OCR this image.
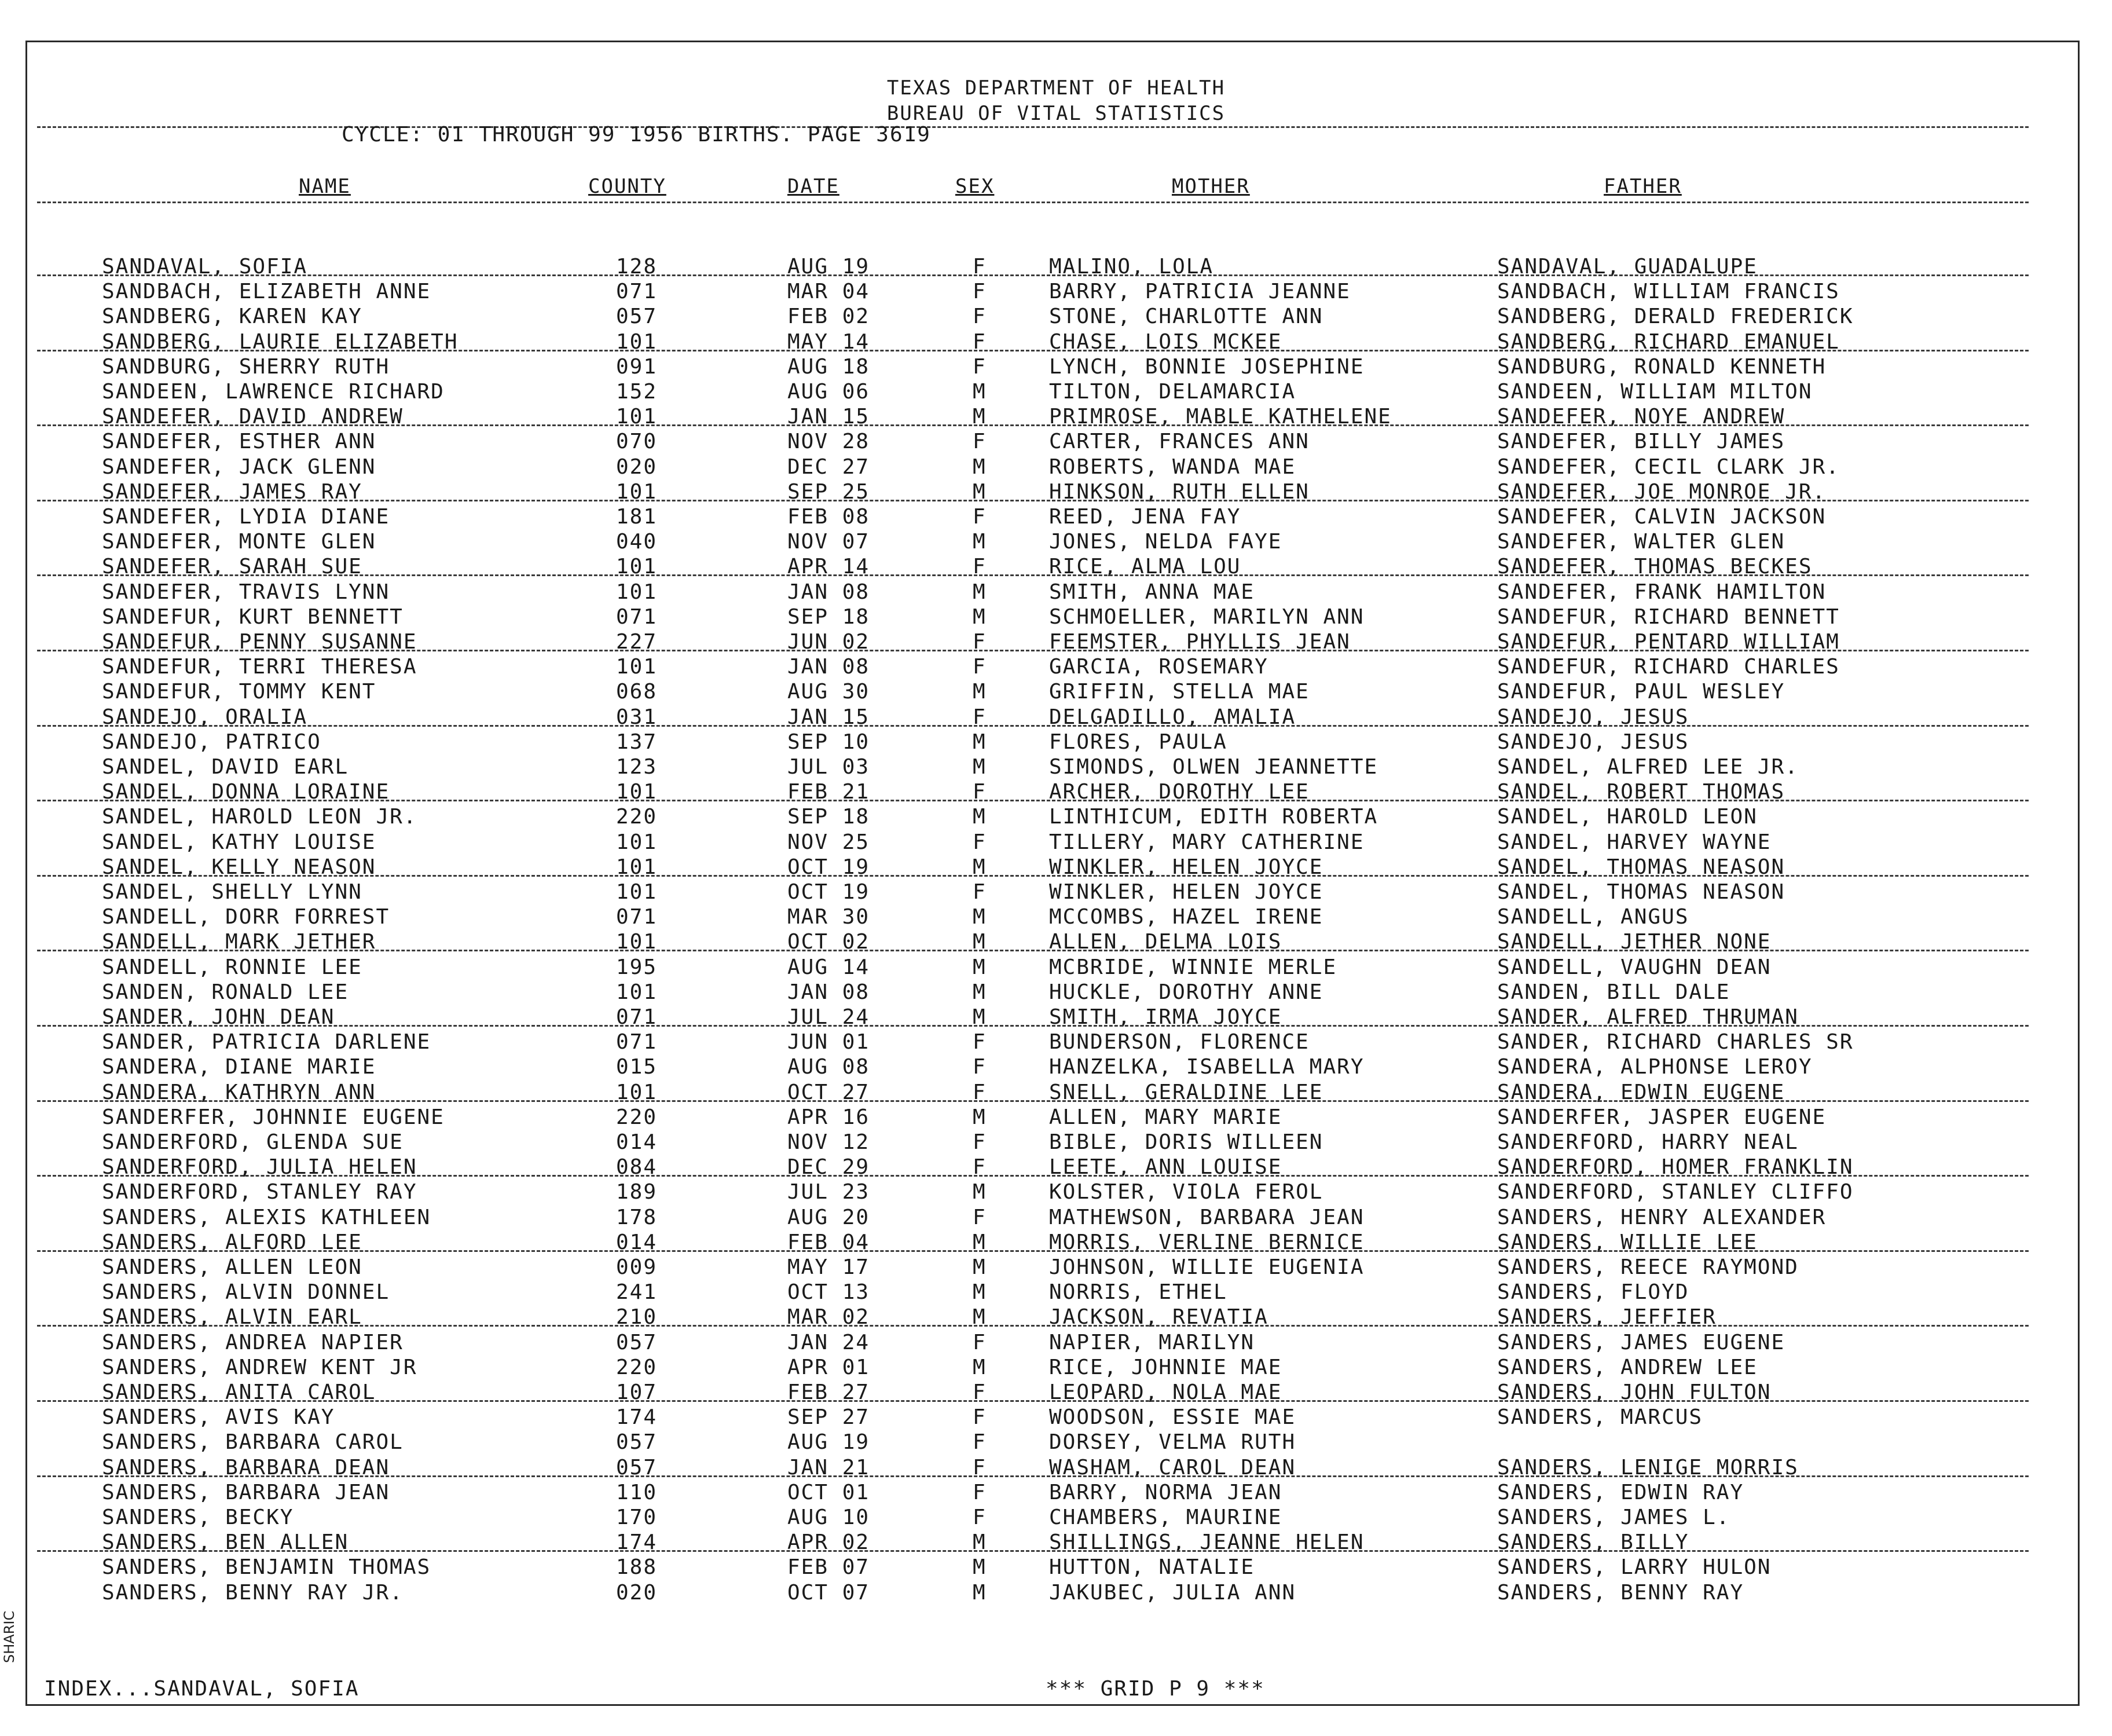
TEXAS DEPARTMENT OF HEALTH
BUREAU OF VITAL STATISTICS
CYCLE: 01 THROUGH 99 1956 BIRTHS. PAGE 3619
NAME	COUNTY	DATE	SEX	MOTHER	FATHER
SANDAVAL, SOFIA	128	AUG 19	F	MALINO, LOLA	SANDAVAL, GUADALUPE
SANDBACH, ELIZABETH ANNE	071	MAR 04	F	BARRY, PATRICIA JEANNE	SANDBACH, WILLIAM FRANCIS
SANDBERG, KAREN KAY	057	FEB 02	F	STONE, CHARLOTTE ANN	SANDBERG, DERALD FREDERICK
SANDBERG, LAURIE ELIZABETH	101	MAY 14	F	CHASE, LOIS MCKEE	SANDBERG, RICHARD EMANUEL
SANDBURG, SHERRY RUTH	091	AUG 18	F	LYNCH, BONNIE JOSEPHINE	SANDBURG, RONALD KENNETH
SANDEEN, LAWRENCE RICHARD	152	AUG 06	M	TILTON, DELAMARCIA	SANDEEN, WILLIAM MILTON
SANDEFER, DAVID ANDREW	101	JAN 15	M	PRIMROSE, MABLE KATHELENE	SANDEFER, NOYE ANDREW
SANDEFER, ESTHER ANN	070	NOV 28	F	CARTER, FRANCES ANN	SANDEFER, BILLY JAMES
SANDEFER, JACK GLENN	020	DEC 27	M	ROBERTS, WANDA MAE	SANDEFER, CECIL CLARK JR.
SANDEFER, JAMES RAY	101	SEP 25	M	HINKSON, RUTH ELLEN	SANDEFER, JOE MONROE JR.
SANDEFER, LYDIA DIANE	181	FEB 08	F	REED, JENA FAY	SANDEFER, CALVIN JACKSON
SANDEFER, MONTE GLEN	040	NOV 07	M	JONES, NELDA FAYE	SANDEFER, WALTER GLEN
SANDEFER, SARAH SUE	101	APR 14	F	RICE, ALMA LOU	SANDEFER, THOMAS BECKES
SANDEFER, TRAVIS LYNN	101	JAN 08	M	SMITH, ANNA MAE	SANDEFER, FRANK HAMILTON
SANDEFUR, KURT BENNETT	071	SEP 18	M	SCHMOELLER, MARILYN ANN	SANDEFUR, RICHARD BENNETT
SANDEFUR, PENNY SUSANNE	227	JUN 02	F	FEEMSTER, PHYLLIS JEAN	SANDEFUR, PENTARD WILLIAM
SANDEFUR, TERRI THERESA	101	JAN 08	F	GARCIA, ROSEMARY	SANDEFUR, RICHARD CHARLES
SANDEFUR, TOMMY KENT	068	AUG 30	M	GRIFFIN, STELLA MAE	SANDEFUR, PAUL WESLEY
SANDEJO, ORALIA	031	JAN 15	F	DELGADILLO, AMALIA	SANDEJO, JESUS
SANDEJO, PATRICO	137	SEP 10	M	FLORES, PAULA	SANDEJO, JESUS
SANDEL, DAVID EARL	123	JUL 03	M	SIMONDS, OLWEN JEANNETTE	SANDEL, ALFRED LEE JR.
SANDEL, DONNA LORAINE	101	FEB 21	F	ARCHER, DOROTHY LEE	SANDEL, ROBERT THOMAS
SANDEL, HAROLD LEON JR.	220	SEP 18	M	LINTHICUM, EDITH ROBERTA	SANDEL, HAROLD LEON
SANDEL, KATHY LOUISE	101	NOV 25	F	TILLERY, MARY CATHERINE	SANDEL, HARVEY WAYNE
SANDEL, KELLY NEASON	101	OCT 19	M	WINKLER, HELEN JOYCE	SANDEL, THOMAS NEASON
SANDEL, SHELLY LYNN	101	OCT 19	F	WINKLER, HELEN JOYCE	SANDEL, THOMAS NEASON
SANDELL, DORR FORREST	071	MAR 30	M	MCCOMBS, HAZEL IRENE	SANDELL, ANGUS
SANDELL, MARK JETHER	101	OCT 02	M	ALLEN, DELMA LOIS	SANDELL, JETHER NONE
SANDELL, RONNIE LEE	195	AUG 14	M	MCBRIDE, WINNIE MERLE	SANDELL, VAUGHN DEAN
SANDEN, RONALD LEE	101	JAN 08	M	HUCKLE, DOROTHY ANNE	SANDEN, BILL DALE
SANDER, JOHN DEAN	071	JUL 24	M	SMITH, IRMA JOYCE	SANDER, ALFRED THRUMAN
SANDER, PATRICIA DARLENE	071	JUN 01	F	BUNDERSON, FLORENCE	SANDER, RICHARD CHARLES SR
SANDERA, DIANE MARIE	015	AUG 08	F	HANZELKA, ISABELLA MARY	SANDERA, ALPHONSE LEROY
SANDERA, KATHRYN ANN	101	OCT 27	F	SNELL, GERALDINE LEE	SANDERA, EDWIN EUGENE
SANDERFER, JOHNNIE EUGENE	220	APR 16	M	ALLEN, MARY MARIE	SANDERFER, JASPER EUGENE
SANDERFORD, GLENDA SUE	014	NOV 12	F	BIBLE, DORIS WILLEEN	SANDERFORD, HARRY NEAL
SANDERFORD, JULIA HELEN	084	DEC 29	F	LEETE, ANN LOUISE	SANDERFORD, HOMER FRANKLIN
SANDERFORD, STANLEY RAY	189	JUL 23	M	KOLSTER, VIOLA FEROL	SANDERFORD, STANLEY CLIFFO
SANDERS, ALEXIS KATHLEEN	178	AUG 20	F	MATHEWSON, BARBARA JEAN	SANDERS, HENRY ALEXANDER
SANDERS, ALFORD LEE	014	FEB 04	M	MORRIS, VERLINE BERNICE	SANDERS, WILLIE LEE
SANDERS, ALLEN LEON	009	MAY 17	M	JOHNSON, WILLIE EUGENIA	SANDERS, REECE RAYMOND
SANDERS, ALVIN DONNEL	241	OCT 13	M	NORRIS, ETHEL	SANDERS, FLOYD
SANDERS, ALVIN EARL	210	MAR 02	M	JACKSON, REVATIA	SANDERS, JEFFIER
SANDERS, ANDREA NAPIER	057	JAN 24	F	NAPIER, MARILYN	SANDERS, JAMES EUGENE
SANDERS, ANDREW KENT JR	220	APR 01	M	RICE, JOHNNIE MAE	SANDERS, ANDREW LEE
SANDERS, ANITA CAROL	107	FEB 27	F	LEOPARD, NOLA MAE	SANDERS, JOHN FULTON
SANDERS, AVIS KAY	174	SEP 27	F	WOODSON, ESSIE MAE	SANDERS, MARCUS
SANDERS, BARBARA CAROL	057	AUG 19	F	DORSEY, VELMA RUTH
SANDERS, BARBARA DEAN	057	JAN 21	F	WASHAM, CAROL DEAN	SANDERS, LENIGE MORRIS
SANDERS, BARBARA JEAN	110	OCT 01	F	BARRY, NORMA JEAN	SANDERS, EDWIN RAY
SANDERS, BECKY	170	AUG 10	F	CHAMBERS, MAURINE	SANDERS, JAMES L.
SANDERS, BEN ALLEN	174	APR 02	M	SHILLINGS, JEANNE HELEN	SANDERS, BILLY
SANDERS, BENJAMIN THOMAS	188	FEB 07	M	HUTTON, NATALIE	SANDERS, LARRY HULON
SANDERS, BENNY RAY JR.	020	OCT 07	M	JAKUBEC, JULIA ANN	SANDERS, BENNY RAY
SHARIC
INDEX...SANDAVAL, SOFIA	*** GRID P 9 ***
